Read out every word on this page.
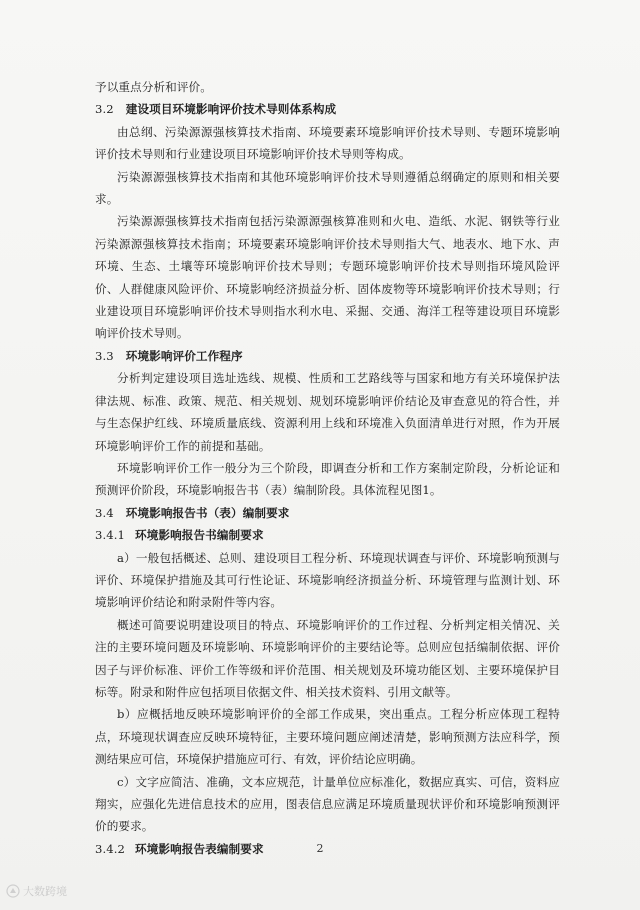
予以重点分析和评价。

3.2 建设项目环境影响评价技术导则体系构成

由总纲、污染源源强核算技术指南、环境要素环境影响评价技术导则、专题环境影响评价技术导则和行业建设项目环境影响评价技术导则等构成。

污染源源强核算技术指南和其他环境影响评价技术导则遵循总纲确定的原则和相关要求。

污染源源强核算技术指南包括污染源源强核算准则和火电、造纸、水泥、钢铁等行业污染源源强核算技术指南；环境要素环境影响评价技术导则指大气、地表水、地下水、声环境、生态、土壤等环境影响评价技术导则；专题环境影响评价技术导则指环境风险评价、人群健康风险评价、环境影响经济损益分析、固体废物等环境影响评价技术导则；行业建设项目环境影响评价技术导则指水利水电、采掘、交通、海洋工程等建设项目环境影响评价技术导则。

3.3 环境影响评价工作程序

分析判定建设项目选址选线、规模、性质和工艺路线等与国家和地方有关环境保护法律法规、标准、政策、规范、相关规划、规划环境影响评价结论及审查意见的符合性，并与生态保护红线、环境质量底线、资源利用上线和环境准入负面清单进行对照，作为开展环境影响评价工作的前提和基础。

环境影响评价工作一般分为三个阶段，即调查分析和工作方案制定阶段，分析论证和预测评价阶段，环境影响报告书（表）编制阶段。具体流程见图1。

3.4 环境影响报告书（表）编制要求

3.4.1 环境影响报告书编制要求

a）一般包括概述、总则、建设项目工程分析、环境现状调查与评价、环境影响预测与评价、环境保护措施及其可行性论证、环境影响经济损益分析、环境管理与监测计划、环境影响评价结论和附录附件等内容。

概述可简要说明建设项目的特点、环境影响评价的工作过程、分析判定相关情况、关注的主要环境问题及环境影响、环境影响评价的主要结论等。总则应包括编制依据、评价因子与评价标准、评价工作等级和评价范围、相关规划及环境功能区划、主要环境保护目标等。附录和附件应包括项目依据文件、相关技术资料、引用文献等。

b）应概括地反映环境影响评价的全部工作成果，突出重点。工程分析应体现工程特点，环境现状调查应反映环境特征，主要环境问题应阐述清楚，影响预测方法应科学，预测结果应可信，环境保护措施应可行、有效，评价结论应明确。

c）文字应简洁、准确，文本应规范，计量单位应标准化，数据应真实、可信，资料应翔实，应强化先进信息技术的应用，图表信息应满足环境质量现状评价和环境影响预测评价的要求。

3.4.2 环境影响报告表编制要求	2
大数跨境
